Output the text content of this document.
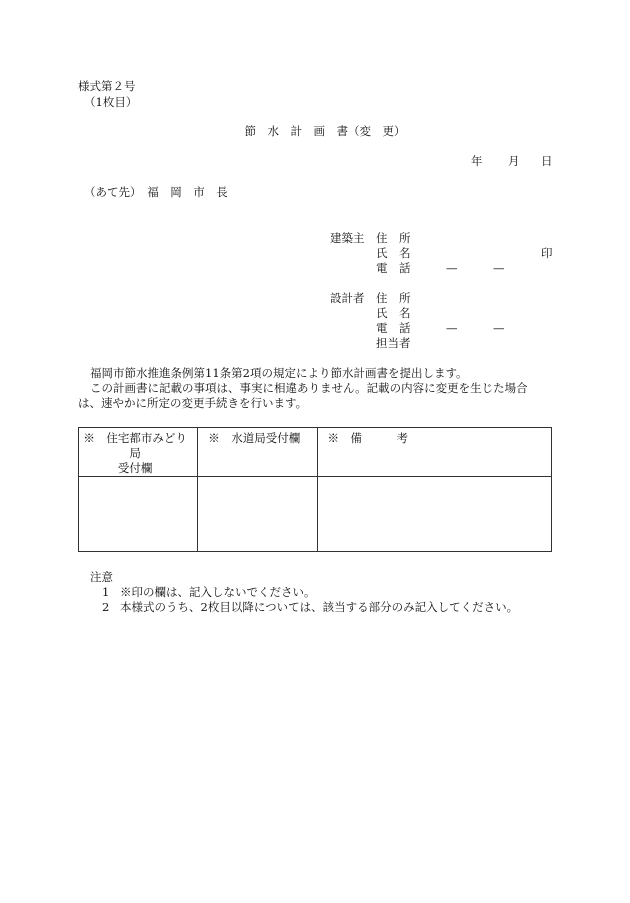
様式第２号
（1枚目）
節　水　計　画　書（変　更）
年 月 日
（あて先）　福　岡　市　長
建築主 住　所
氏　名	印
電　話	—	—
設計者 住　所
氏　名
電　話	—	—
担当者
福岡市節水推進条例第11条第2項の規定により節水計画書を提出します。
この計画書に記載の事項は、事実に相違ありません。記載の内容に変更を生じた場合
は、速やかに所定の変更手続きを行います。
※　住宅都市みどり局
受付欄	※　水道局受付欄	※　備　　　考

注意
1 ※印の欄は、記入しないでください。
2 本様式のうち、2枚目以降については、該当する部分のみ記入してください。
